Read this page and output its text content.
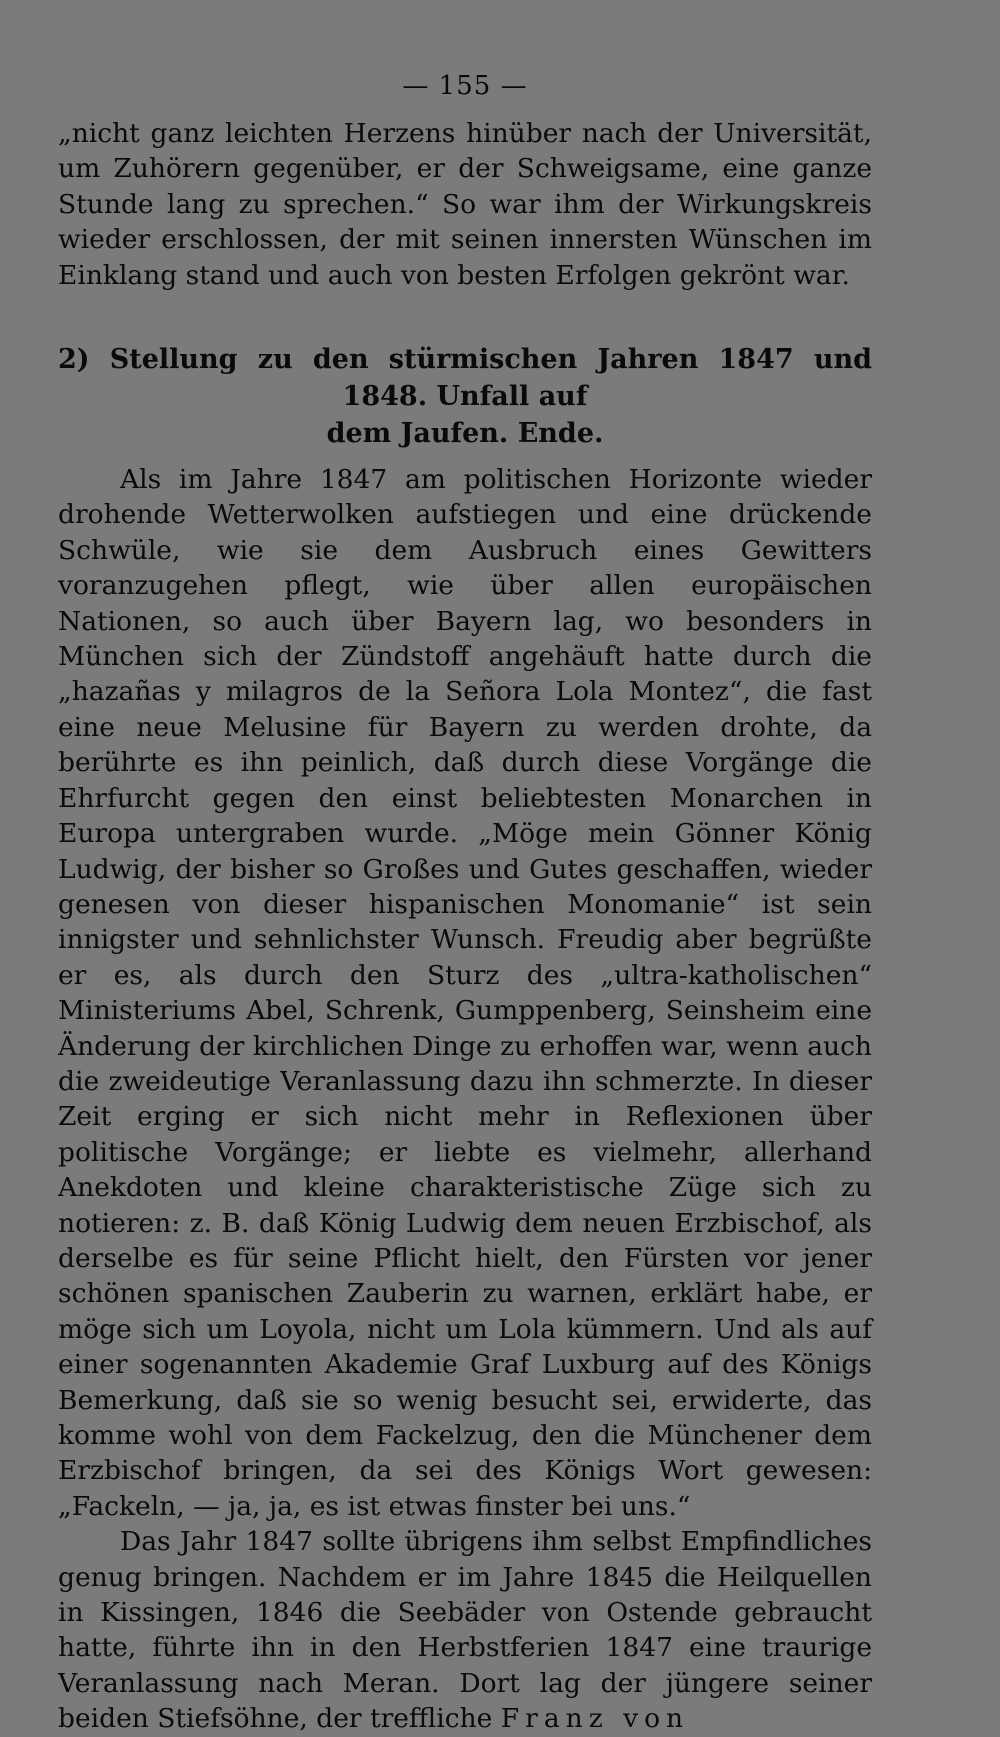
— 155 —

„nicht ganz leichten Herzens hinüber nach der Universität, um Zuhörern gegenüber, er der Schweigsame, eine ganze Stunde lang zu sprechen.“ So war ihm der Wirkungskreis wieder erschlossen, der mit seinen innersten Wünschen im Einklang stand und auch von besten Erfolgen gekrönt war.

2) Stellung zu den stürmischen Jahren 1847 und 1848. Unfall auf
dem Jaufen. Ende.

Als im Jahre 1847 am politischen Horizonte wieder drohende Wetterwolken aufstiegen und eine drückende Schwüle, wie sie dem Ausbruch eines Gewitters voranzugehen pflegt, wie über allen europäischen Nationen, so auch über Bayern lag, wo besonders in München sich der Zündstoff angehäuft hatte durch die „hazañas y milagros de la Señora Lola Montez“, die fast eine neue Melusine für Bayern zu werden drohte, da berührte es ihn peinlich, daß durch diese Vorgänge die Ehrfurcht gegen den einst beliebtesten Monarchen in Europa untergraben wurde. „Möge mein Gönner König Ludwig, der bisher so Großes und Gutes geschaffen, wieder genesen von dieser hispanischen Monomanie“ ist sein innigster und sehnlichster Wunsch. Freudig aber begrüßte er es, als durch den Sturz des „ultra-katholischen“ Ministeriums Abel, Schrenk, Gumppenberg, Seinsheim eine Änderung der kirchlichen Dinge zu erhoffen war, wenn auch die zweideutige Veranlassung dazu ihn schmerzte. In dieser Zeit erging er sich nicht mehr in Reflexionen über politische Vorgänge; er liebte es vielmehr, allerhand Anekdoten und kleine charakteristische Züge sich zu notieren: z. B. daß König Ludwig dem neuen Erzbischof, als derselbe es für seine Pflicht hielt, den Fürsten vor jener schönen spanischen Zauberin zu warnen, erklärt habe, er möge sich um Loyola, nicht um Lola kümmern. Und als auf einer sogenannten Akademie Graf Luxburg auf des Königs Bemerkung, daß sie so wenig besucht sei, erwiderte, das komme wohl von dem Fackelzug, den die Münchener dem Erzbischof bringen, da sei des Königs Wort gewesen: „Fackeln, — ja, ja, es ist etwas finster bei uns.“

Das Jahr 1847 sollte übrigens ihm selbst Empfindliches genug bringen. Nachdem er im Jahre 1845 die Heilquellen in Kissingen, 1846 die Seebäder von Ostende gebraucht hatte, führte ihn in den Herbstferien 1847 eine traurige Veranlassung nach Meran. Dort lag der jüngere seiner beiden Stiefsöhne, der treffliche Franz von
